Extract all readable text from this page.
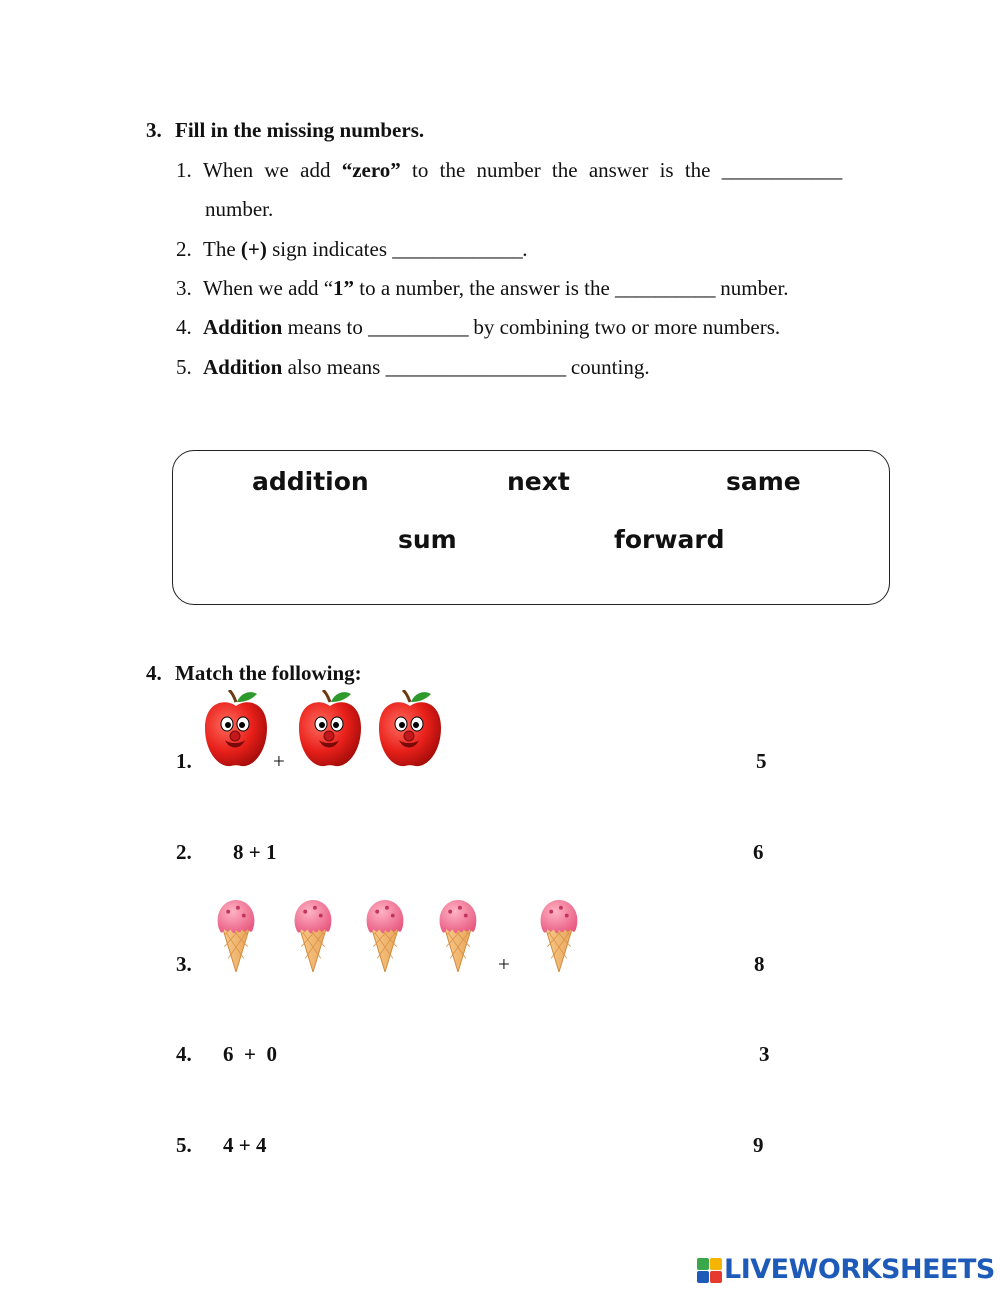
3. Fill in the missing numbers.
1. When we add “zero” to the number the answer is the ____________
number.
2. The (+) sign indicates _____________.
3. When we add “1” to a number, the answer is the __________ number.
4. Addition means to __________ by combining two or more numbers.
5. Addition also means __________________ counting.
addition	next	same
sum	forward
4. Match the following:
1.	+	5
2. 8 + 1	6
3.	+	8
4. 6  +  0	3
5. 4 + 4	9
LIVEWORKSHEETS
